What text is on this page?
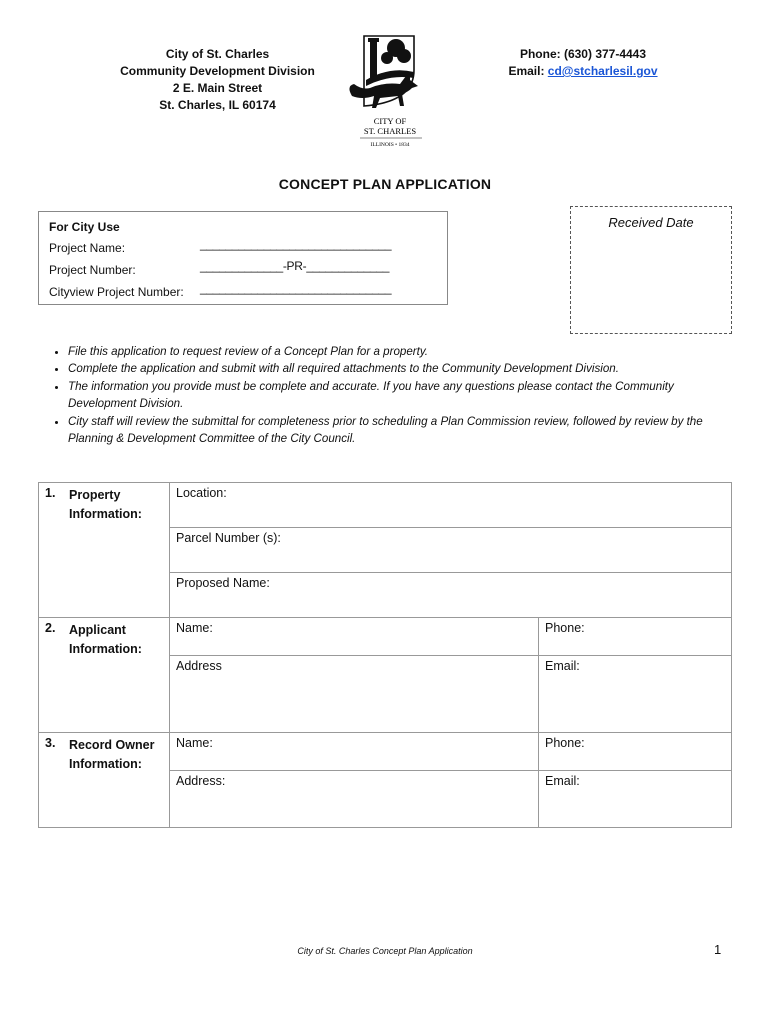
City of St. Charles
Community Development Division
2 E. Main Street
St. Charles, IL 60174
CITY OF
ST. CHARLES
ILLINOIS • 1834
Phone: (630) 377-4443
Email: cd@stcharlesil.gov
CONCEPT PLAN APPLICATION
For City Use
Project Name:	______________________________
Project Number:	_____________-PR-_____________
Cityview Project Number: ______________________________
Received Date
• File this application to request review of a Concept Plan for a property.
• Complete the application and submit with all required attachments to the Community Development Division.
• The information you provide must be complete and accurate. If you have any questions please contact the Community Development Division.
• City staff will review the submittal for completeness prior to scheduling a Plan Commission review, followed by review by the Planning & Development Committee of the City Council.
1. Property Information:	Location:	
	Parcel Number (s):	
	Proposed Name:	
2. Applicant Information:	Name:	Phone:
	Address	Email:
3. Record Owner Information:	Name:	Phone:
	Address:	Email:
City of St. Charles Concept Plan Application	1
